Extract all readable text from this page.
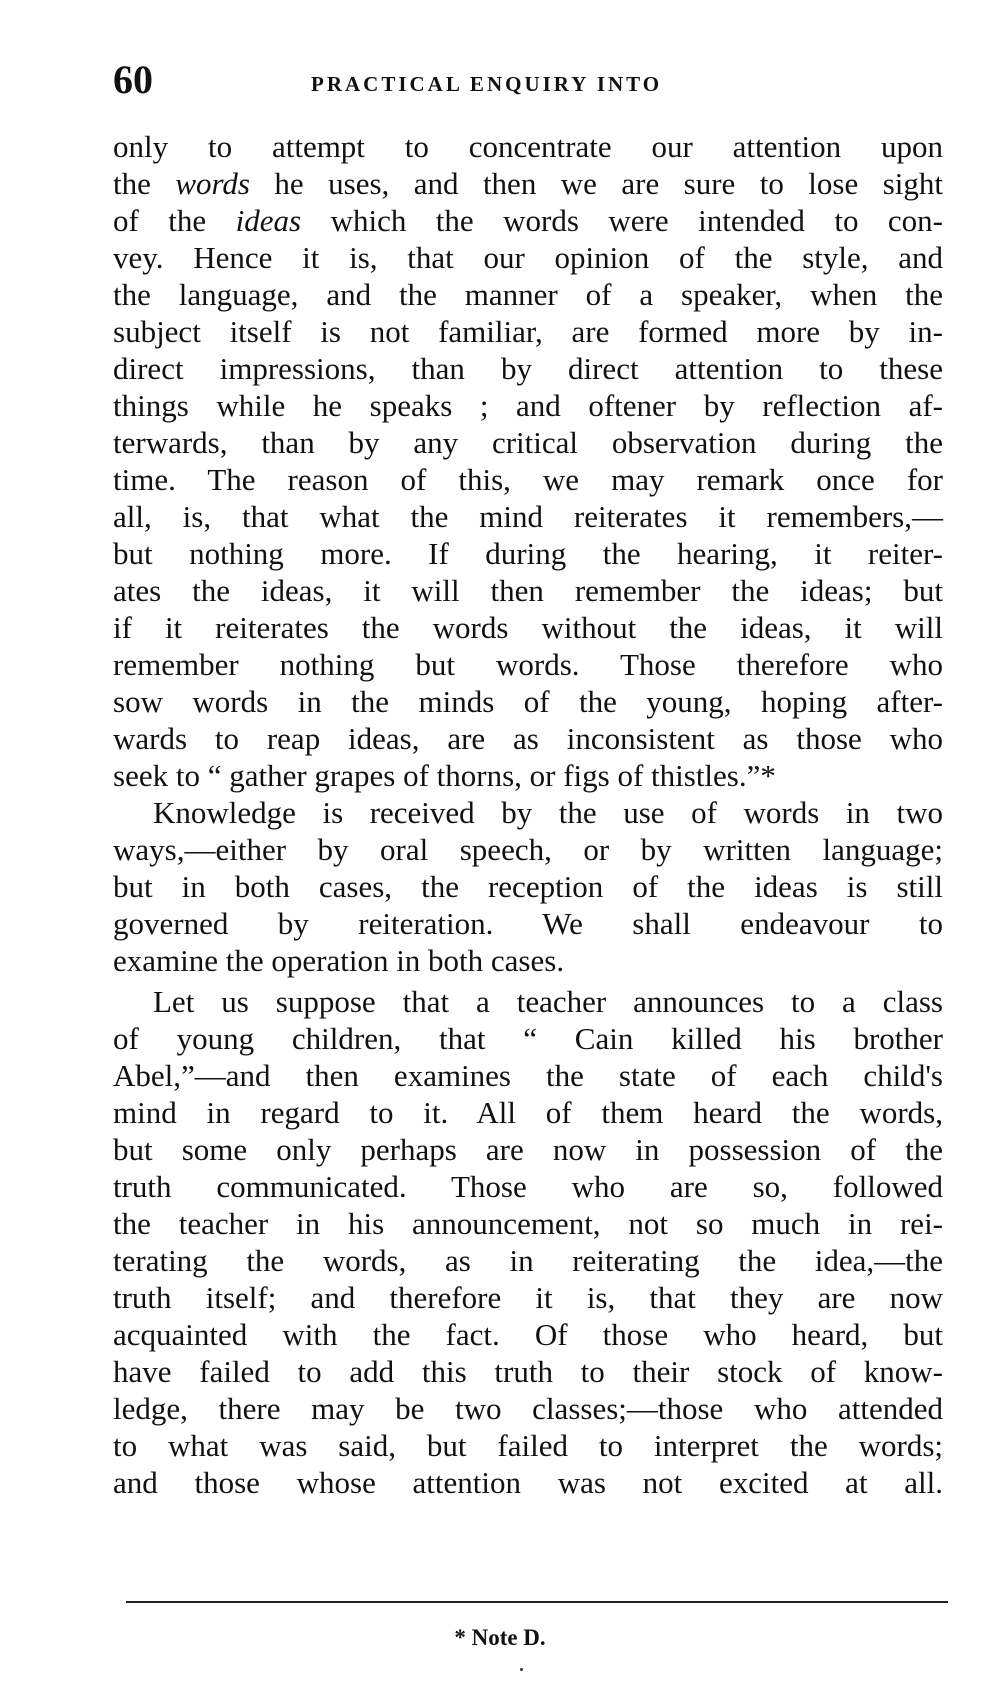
60	PRACTICAL ENQUIRY INTO
only to attempt to concentrate our attention upon
the words he uses, and then we are sure to lose sight
of the ideas which the words were intended to con-
vey. Hence it is, that our opinion of the style, and
the language, and the manner of a speaker, when the
subject itself is not familiar, are formed more by in-
direct impressions, than by direct attention to these
things while he speaks ; and oftener by reflection af-
terwards, than by any critical observation during the
time. The reason of this, we may remark once for
all, is, that what the mind reiterates it remembers,—
but nothing more. If during the hearing, it reiter-
ates the ideas, it will then remember the ideas; but
if it reiterates the words without the ideas, it will
remember nothing but words. Those therefore who
sow words in the minds of the young, hoping after-
wards to reap ideas, are as inconsistent as those who
seek to “ gather grapes of thorns, or figs of thistles.”*
Knowledge is received by the use of words in two
ways,—either by oral speech, or by written language;
but in both cases, the reception of the ideas is still
governed by reiteration. We shall endeavour to
examine the operation in both cases.
Let us suppose that a teacher announces to a class
of young children, that “ Cain killed his brother
Abel,”—and then examines the state of each child's
mind in regard to it. All of them heard the words,
but some only perhaps are now in possession of the
truth communicated. Those who are so, followed
the teacher in his announcement, not so much in rei-
terating the words, as in reiterating the idea,—the
truth itself; and therefore it is, that they are now
acquainted with the fact. Of those who heard, but
have failed to add this truth to their stock of know-
ledge, there may be two classes;—those who attended
to what was said, but failed to interpret the words;
and those whose attention was not excited at all.
* Note D.
